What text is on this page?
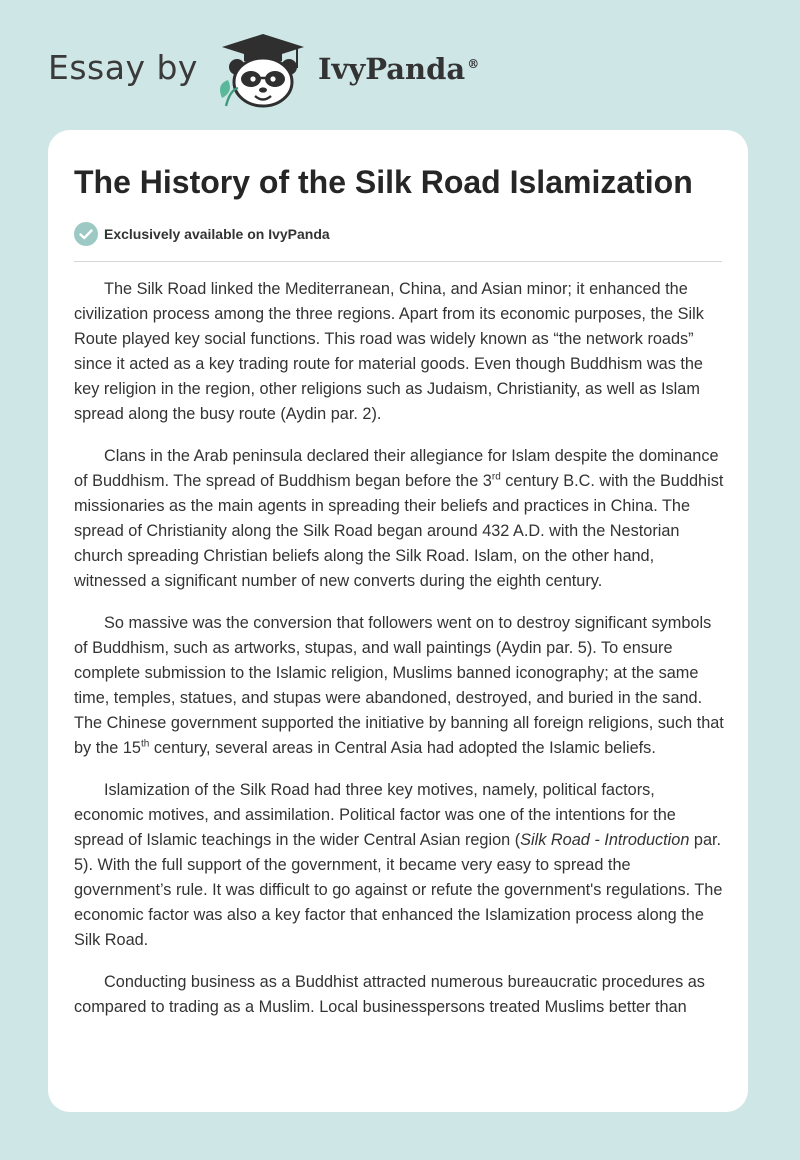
Essay by	IvyPanda ®
The History of the Silk Road Islamization
Exclusively available on IvyPanda

The Silk Road linked the Mediterranean, China, and Asian minor; it enhanced the civilization process among the three regions. Apart from its economic purposes, the Silk Route played key social functions. This road was widely known as “the network roads” since it acted as a key trading route for material goods. Even though Buddhism was the key religion in the region, other religions such as Judaism, Christianity, as well as Islam spread along the busy route (Aydin par. 2).

Clans in the Arab peninsula declared their allegiance for Islam despite the dominance of Buddhism. The spread of Buddhism began before the 3rd century B.C. with the Buddhist missionaries as the main agents in spreading their beliefs and practices in China. The spread of Christianity along the Silk Road began around 432 A.D. with the Nestorian church spreading Christian beliefs along the Silk Road. Islam, on the other hand, witnessed a significant number of new converts during the eighth century.

So massive was the conversion that followers went on to destroy significant symbols of Buddhism, such as artworks, stupas, and wall paintings (Aydin par. 5). To ensure complete submission to the Islamic religion, Muslims banned iconography; at the same time, temples, statues, and stupas were abandoned, destroyed, and buried in the sand. The Chinese government supported the initiative by banning all foreign religions, such that by the 15th century, several areas in Central Asia had adopted the Islamic beliefs.

Islamization of the Silk Road had three key motives, namely, political factors, economic motives, and assimilation. Political factor was one of the intentions for the spread of Islamic teachings in the wider Central Asian region (Silk Road - Introduction par. 5). With the full support of the government, it became very easy to spread the government’s rule. It was difficult to go against or refute the government's regulations. The economic factor was also a key factor that enhanced the Islamization process along the Silk Road.

Conducting business as a Buddhist attracted numerous bureaucratic procedures as compared to trading as a Muslim. Local businesspersons treated Muslims better than
